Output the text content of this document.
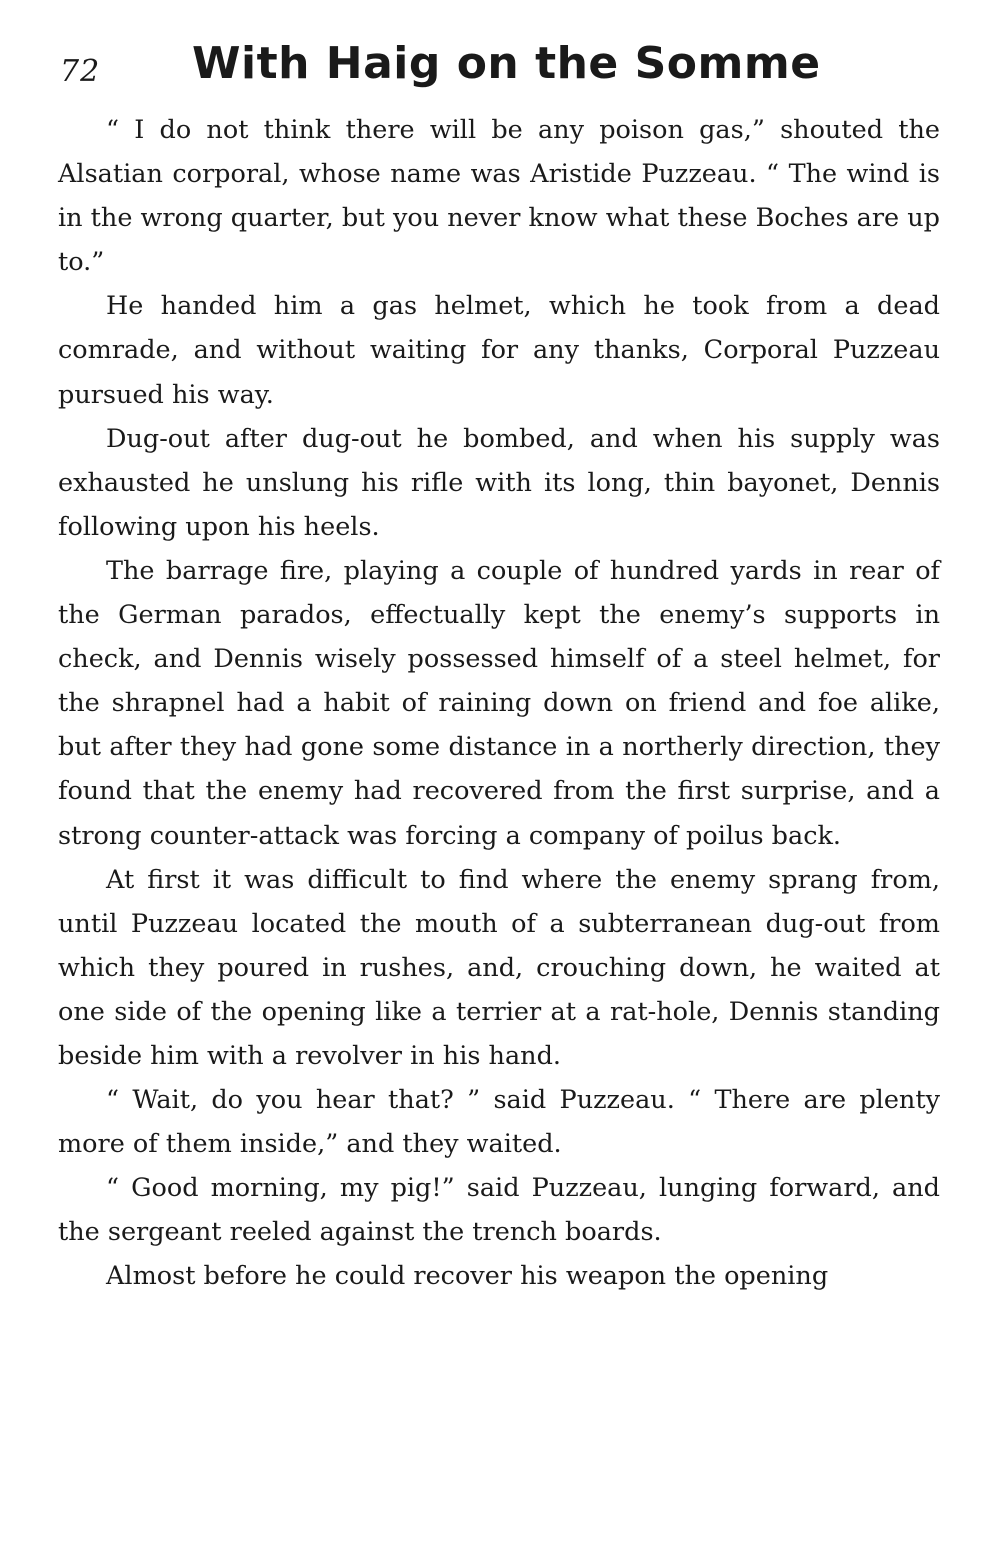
72 With Haig on the Somme

“ I do not think there will be any poison gas,” shouted the Alsatian corporal, whose name was Aristide Puzzeau. “ The wind is in the wrong quarter, but you never know what these Boches are up to.”

He handed him a gas helmet, which he took from a dead comrade, and without waiting for any thanks, Corporal Puzzeau pursued his way.

Dug-out after dug-out he bombed, and when his supply was exhausted he unslung his rifle with its long, thin bayonet, Dennis following upon his heels.

The barrage fire, playing a couple of hundred yards in rear of the German parados, effectually kept the enemy’s supports in check, and Dennis wisely possessed himself of a steel helmet, for the shrapnel had a habit of raining down on friend and foe alike, but after they had gone some distance in a northerly direction, they found that the enemy had recovered from the first surprise, and a strong counter-attack was forcing a company of poilus back.

At first it was difficult to find where the enemy sprang from, until Puzzeau located the mouth of a subterranean dug-out from which they poured in rushes, and, crouching down, he waited at one side of the opening like a terrier at a rat-hole, Dennis standing beside him with a revolver in his hand.

“ Wait, do you hear that? ” said Puzzeau. “ There are plenty more of them inside,” and they waited.

“ Good morning, my pig!” said Puzzeau, lunging forward, and the sergeant reeled against the trench boards.

Almost before he could recover his weapon the opening
